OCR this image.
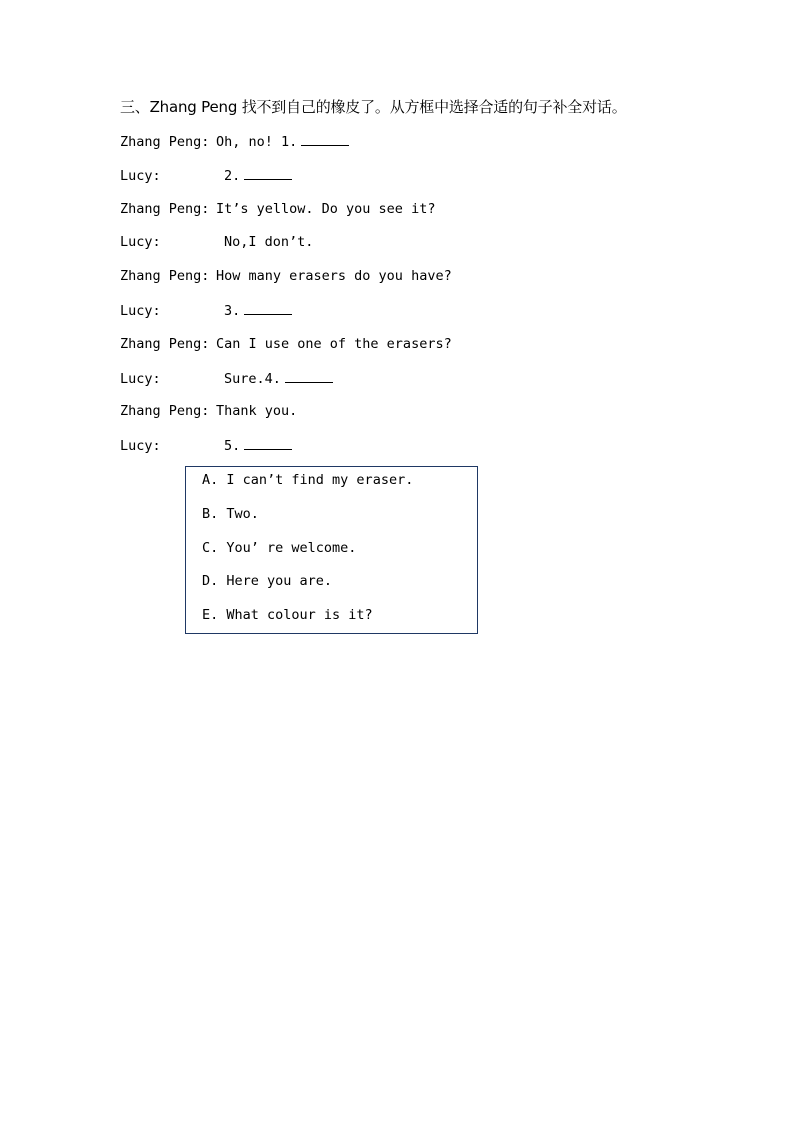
三、Zhang Peng 找不到自己的橡皮了。从方框中选择合适的句子补全对话。
Zhang Peng: Oh, no! 1.
Lucy:	2.
Zhang Peng: It’s yellow. Do you see it?
Lucy:	No,I don’t.
Zhang Peng: How many erasers do you have?
Lucy:	3.
Zhang Peng: Can I use one of the erasers?
Lucy:	Sure.4.
Zhang Peng: Thank you.
Lucy:	5.
A. I can’t find my eraser.
B. Two.
C. You’ re welcome.
D. Here you are.
E. What colour is it?
